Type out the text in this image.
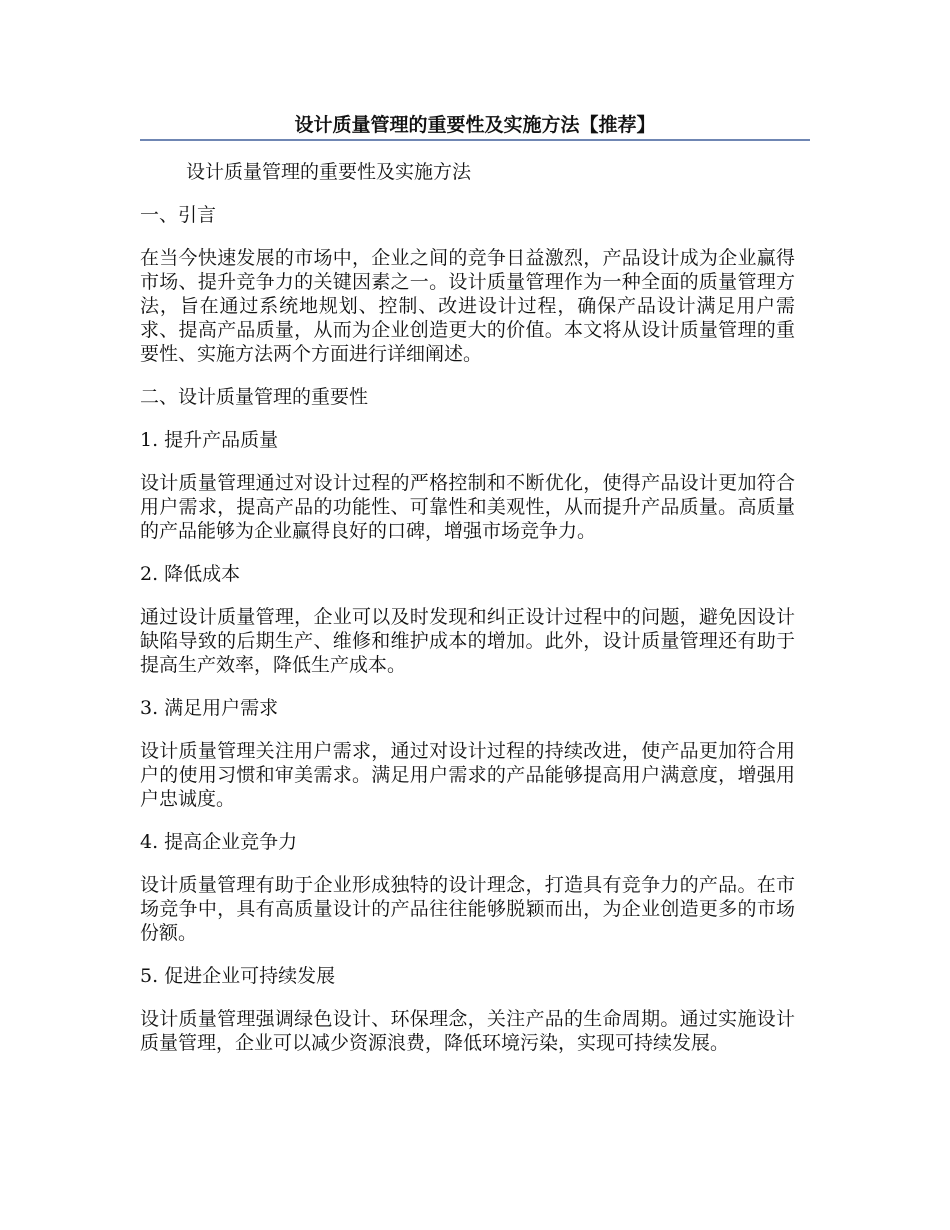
设计质量管理的重要性及实施方法【推荐】

设计质量管理的重要性及实施方法

一、引言

在当今快速发展的市场中，企业之间的竞争日益激烈，产品设计成为企业赢得市场、提升竞争力的关键因素之一。设计质量管理作为一种全面的质量管理方法，旨在通过系统地规划、控制、改进设计过程，确保产品设计满足用户需求、提高产品质量，从而为企业创造更大的价值。本文将从设计质量管理的重要性、实施方法两个方面进行详细阐述。

二、设计质量管理的重要性

1. 提升产品质量

设计质量管理通过对设计过程的严格控制和不断优化，使得产品设计更加符合用户需求，提高产品的功能性、可靠性和美观性，从而提升产品质量。高质量的产品能够为企业赢得良好的口碑，增强市场竞争力。

2. 降低成本

通过设计质量管理，企业可以及时发现和纠正设计过程中的问题，避免因设计缺陷导致的后期生产、维修和维护成本的增加。此外，设计质量管理还有助于提高生产效率，降低生产成本。

3. 满足用户需求

设计质量管理关注用户需求，通过对设计过程的持续改进，使产品更加符合用户的使用习惯和审美需求。满足用户需求的产品能够提高用户满意度，增强用户忠诚度。

4. 提高企业竞争力

设计质量管理有助于企业形成独特的设计理念，打造具有竞争力的产品。在市场竞争中，具有高质量设计的产品往往能够脱颖而出，为企业创造更多的市场份额。

5. 促进企业可持续发展

设计质量管理强调绿色设计、环保理念，关注产品的生命周期。通过实施设计质量管理，企业可以减少资源浪费，降低环境污染，实现可持续发展。
